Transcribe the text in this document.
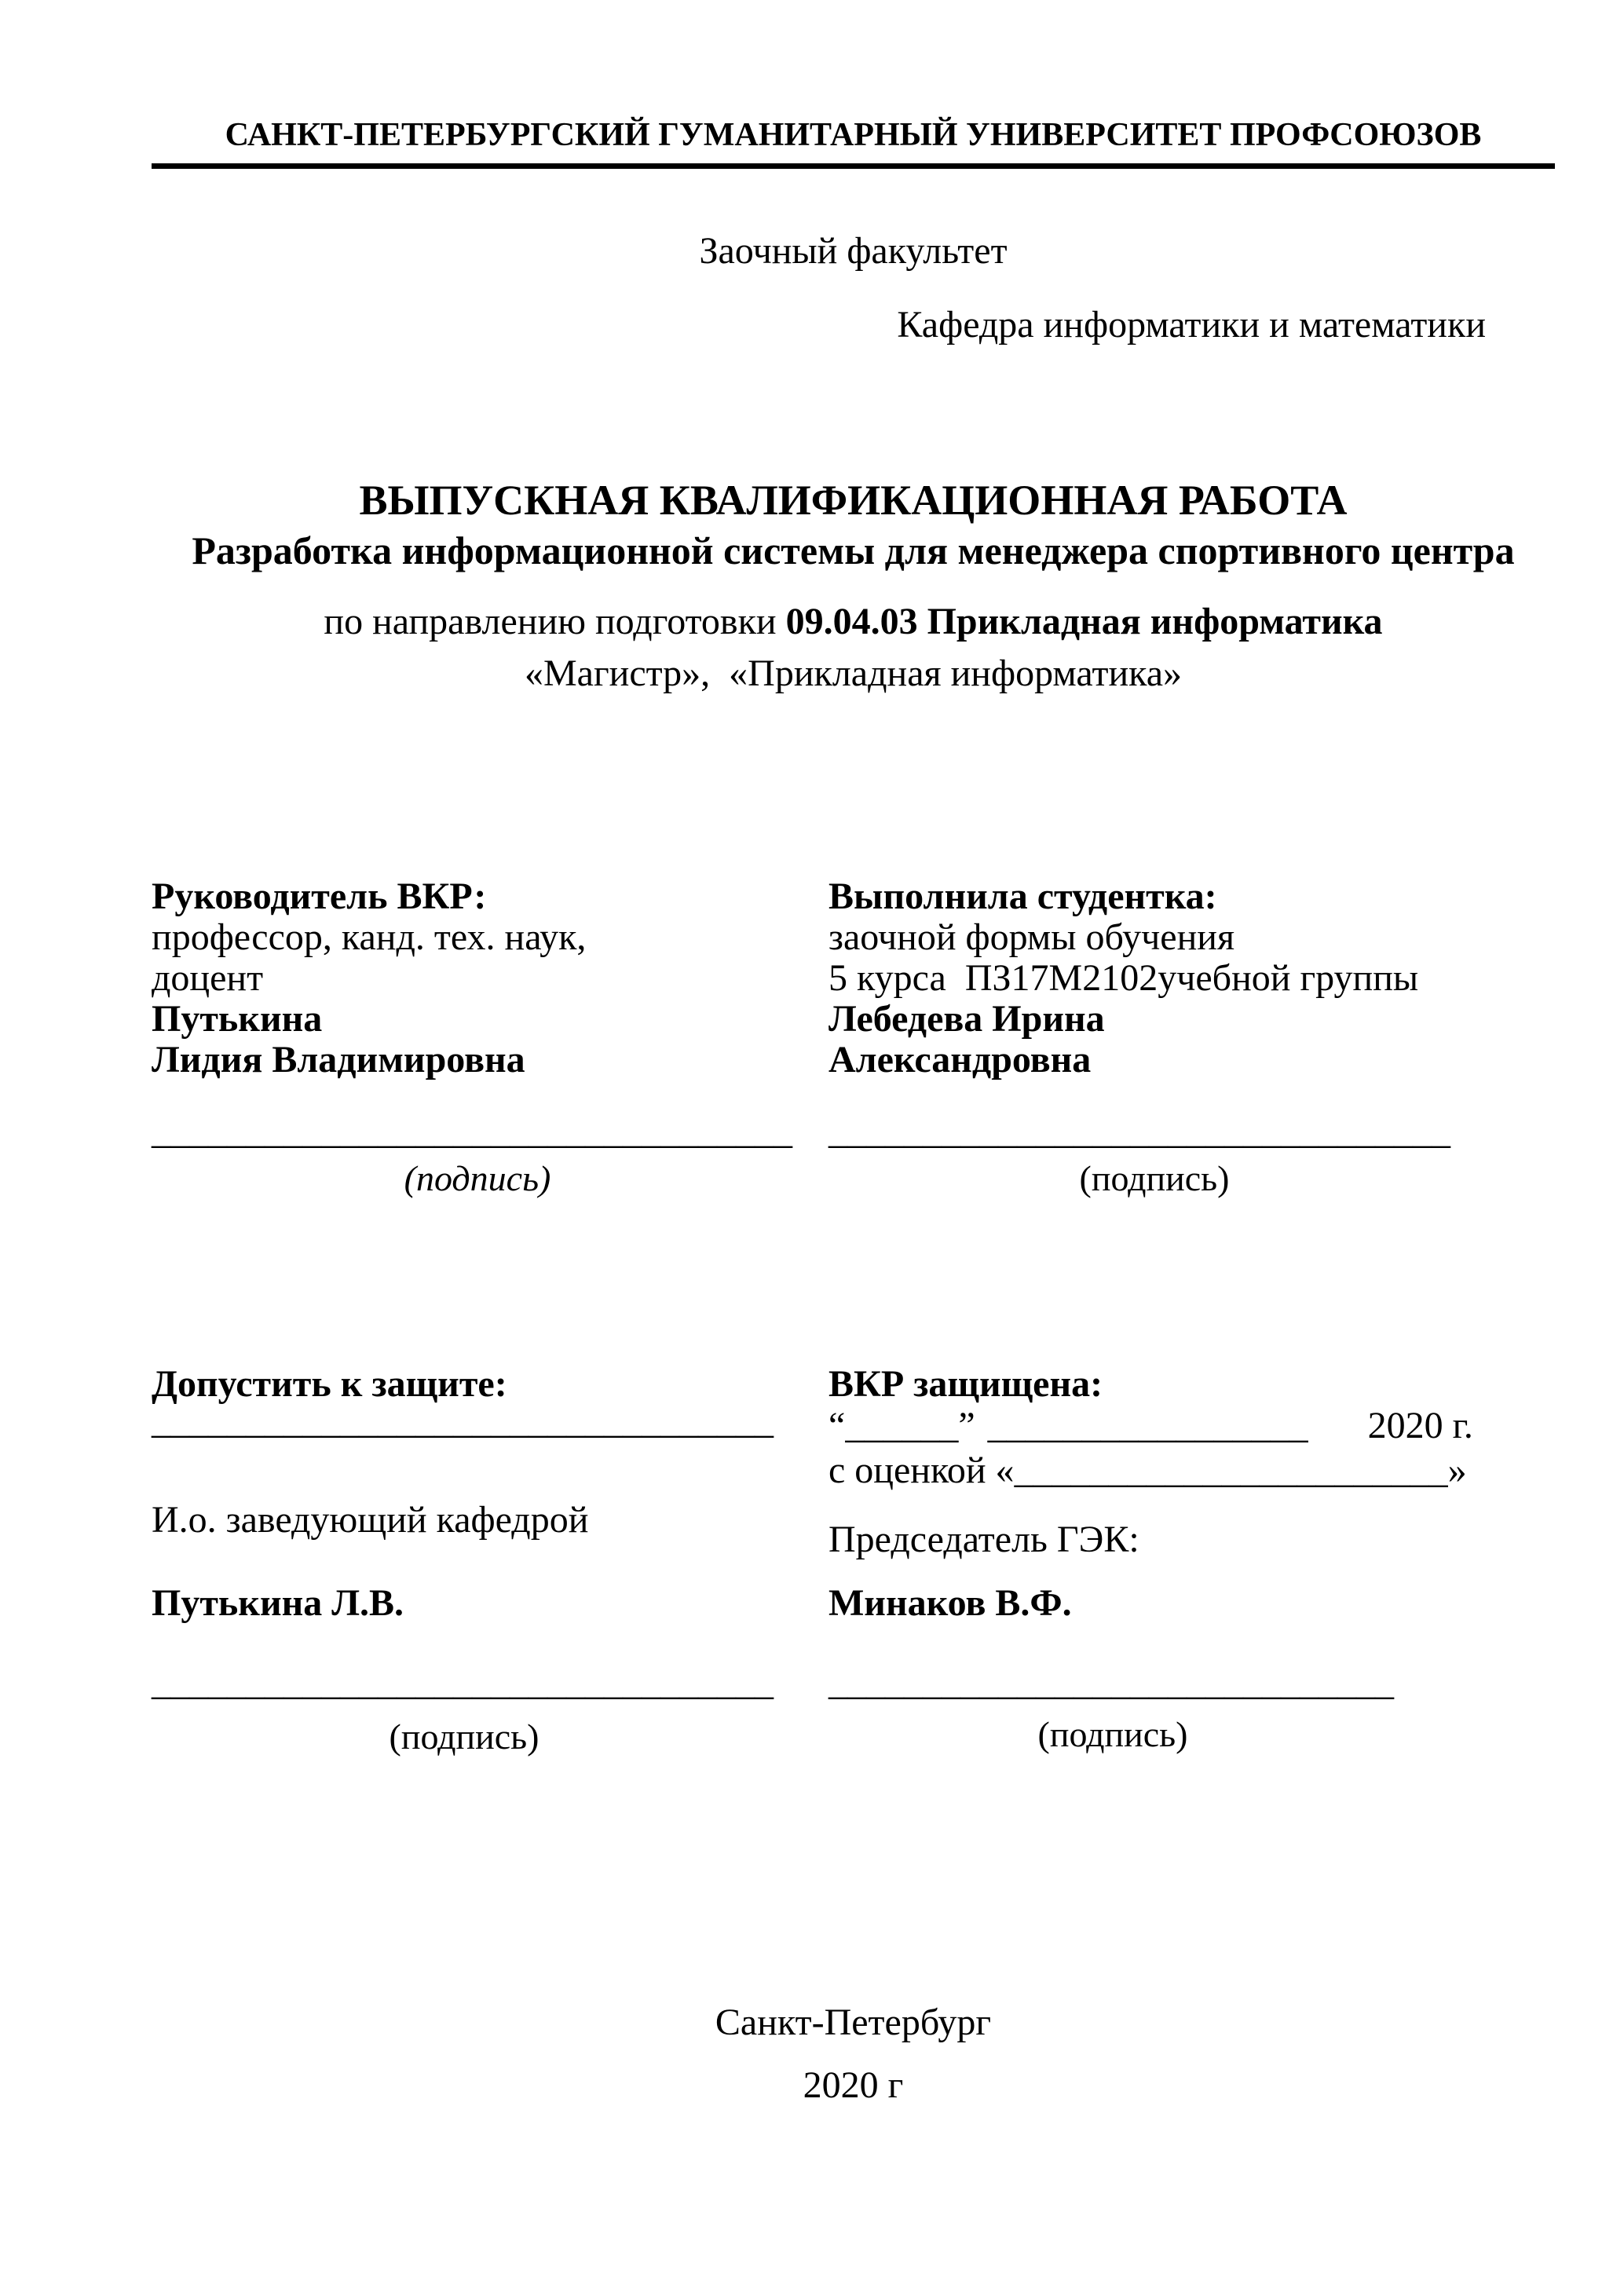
САНКТ-ПЕТЕРБУРГСКИЙ ГУМАНИТАРНЫЙ УНИВЕРСИТЕТ ПРОФСОЮЗОВ
Заочный факультет
Кафедра информатики и математики
ВЫПУСКНАЯ КВАЛИФИКАЦИОННАЯ РАБОТА
Разработка информационной системы для менеджера спортивного центра
по направлению подготовки 09.04.03 Прикладная информатика
«Магистр»,  «Прикладная информатика»
Руководитель ВКР:
профессор, канд. тех. наук,
доцент
Путькина
Лидия Владимировна
__________________________________
(подпись)
Выполнила студентка:
заочной формы обучения
5 курса  ПЗ17М2102учебной группы
Лебедева Ирина
Александровна
_________________________________
(подпись)
Допустить к защите:
_________________________________
И.о. заведующий кафедрой
Путькина Л.В.
_________________________________
(подпись)
ВКР защищена:
“______” _________________ 2020 г.
с оценкой «_______________________»
Председатель ГЭК:
Минаков В.Ф.
______________________________
(подпись)
Санкт-Петербург
2020 г
